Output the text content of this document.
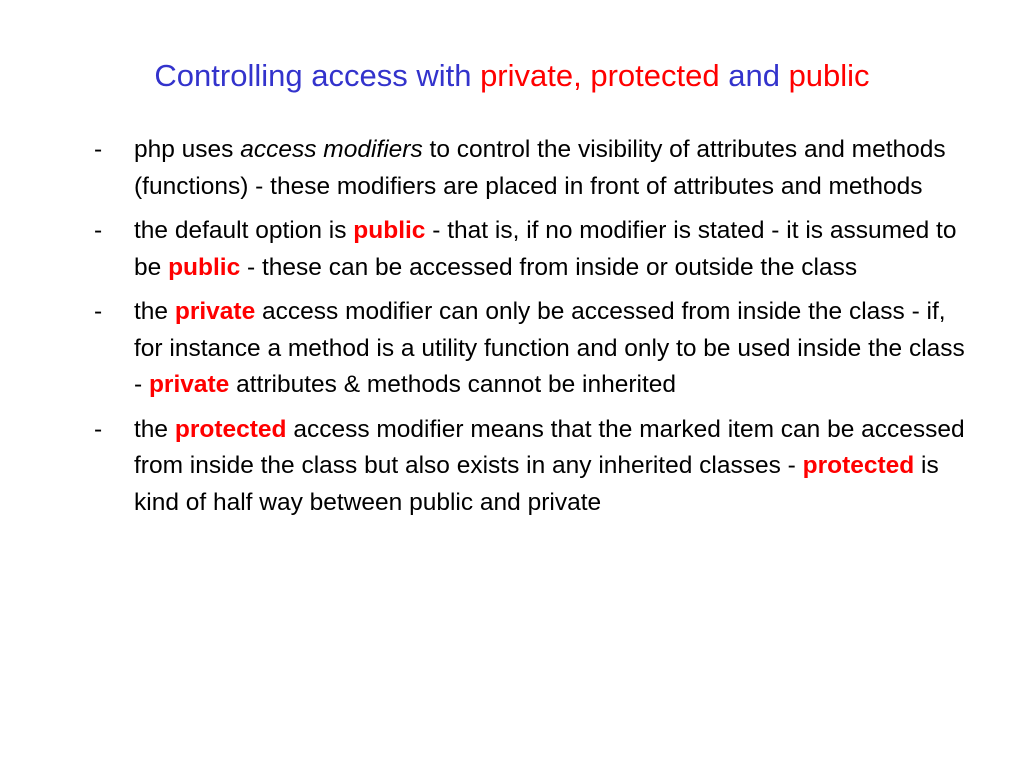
Controlling access with private, protected and public
- php uses access modifiers to control the visibility of attributes and methods (functions) - these modifiers are placed in front of attributes and methods
- the default option is public - that is, if no modifier is stated - it is assumed to be public - these can be accessed from inside or outside the class
- the private access modifier can only be accessed from inside the class - if, for instance a method is a utility function and only to be used inside the class - private attributes & methods cannot be inherited
- the protected access modifier means that the marked item can be accessed from inside the class but also exists in any inherited classes - protected is kind of half way between public and private
